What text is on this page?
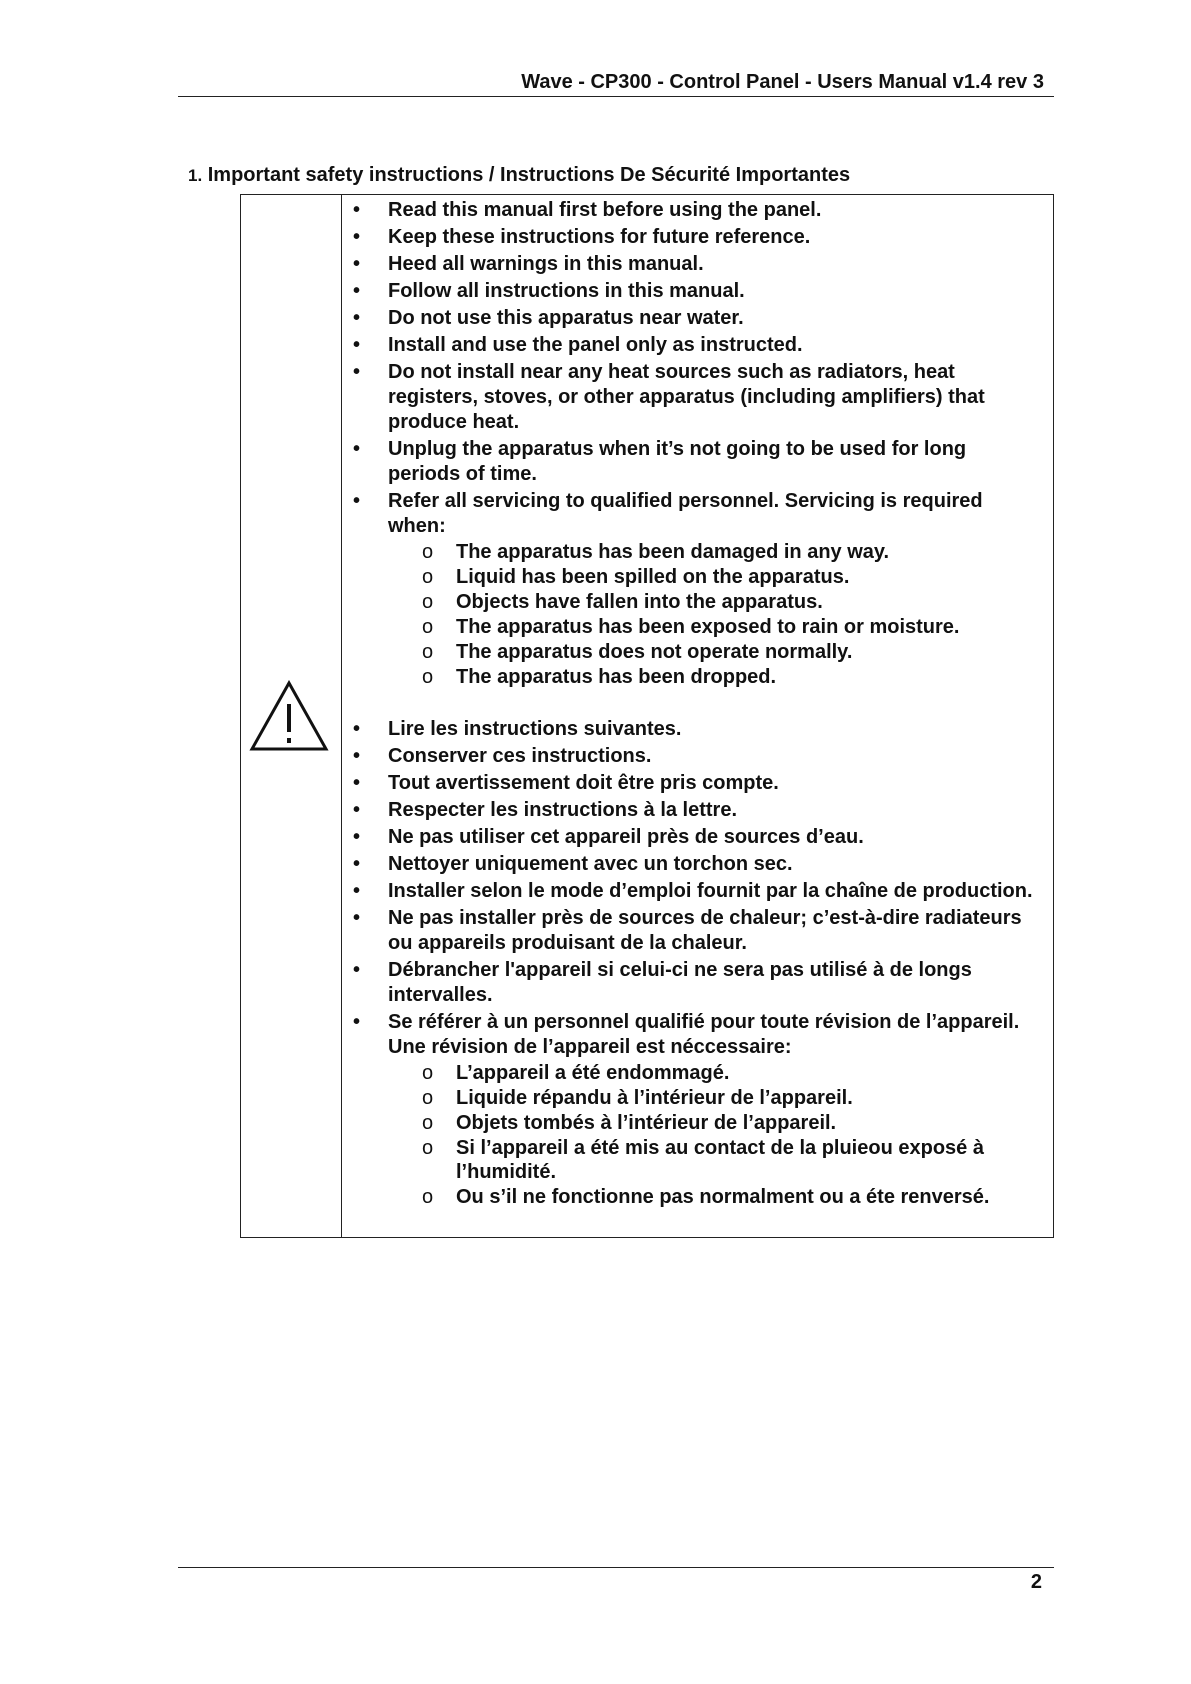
Wave - CP300 - Control Panel - Users Manual v1.4 rev 3
1. Important safety instructions / Instructions De Sécurité Importantes
• Read this manual first before using the panel.
• Keep these instructions for future reference.
• Heed all warnings in this manual.
• Follow all instructions in this manual.
• Do not use this apparatus near water.
• Install and use the panel only as instructed.
• Do not install near any heat sources such as radiators, heat registers, stoves, or other apparatus (including amplifiers) that produce heat.
• Unplug the apparatus when it’s not going to be used for long periods of time.
• Refer all servicing to qualified personnel. Servicing is required when:
o The apparatus has been damaged in any way.
o Liquid has been spilled on the apparatus.
o Objects have fallen into the apparatus.
o The apparatus has been exposed to rain or moisture.
o The apparatus does not operate normally.
o The apparatus has been dropped.
• Lire les instructions suivantes.
• Conserver ces instructions.
• Tout avertissement doit être pris compte.
• Respecter les instructions à la lettre.
• Ne pas utiliser cet appareil près de sources d’eau.
• Nettoyer uniquement avec un torchon sec.
• Installer selon le mode d’emploi fournit par la chaîne de production.
• Ne pas installer près de sources de chaleur; c’est-à-dire radiateurs ou appareils produisant de la chaleur.
• Débrancher l'appareil si celui-ci ne sera pas utilisé à de longs intervalles.
• Se référer à un personnel qualifié pour toute révision de l’appareil. Une révision de l’appareil est néccessaire:
o L’appareil a été endommagé.
o Liquide répandu à l’intérieur de l’appareil.
o Objets tombés à l’intérieur de l’appareil.
o Si l’appareil a été mis au contact de la pluieou exposé à l’humidité.
o Ou s’il ne fonctionne pas normalment ou a éte renversé.
2
